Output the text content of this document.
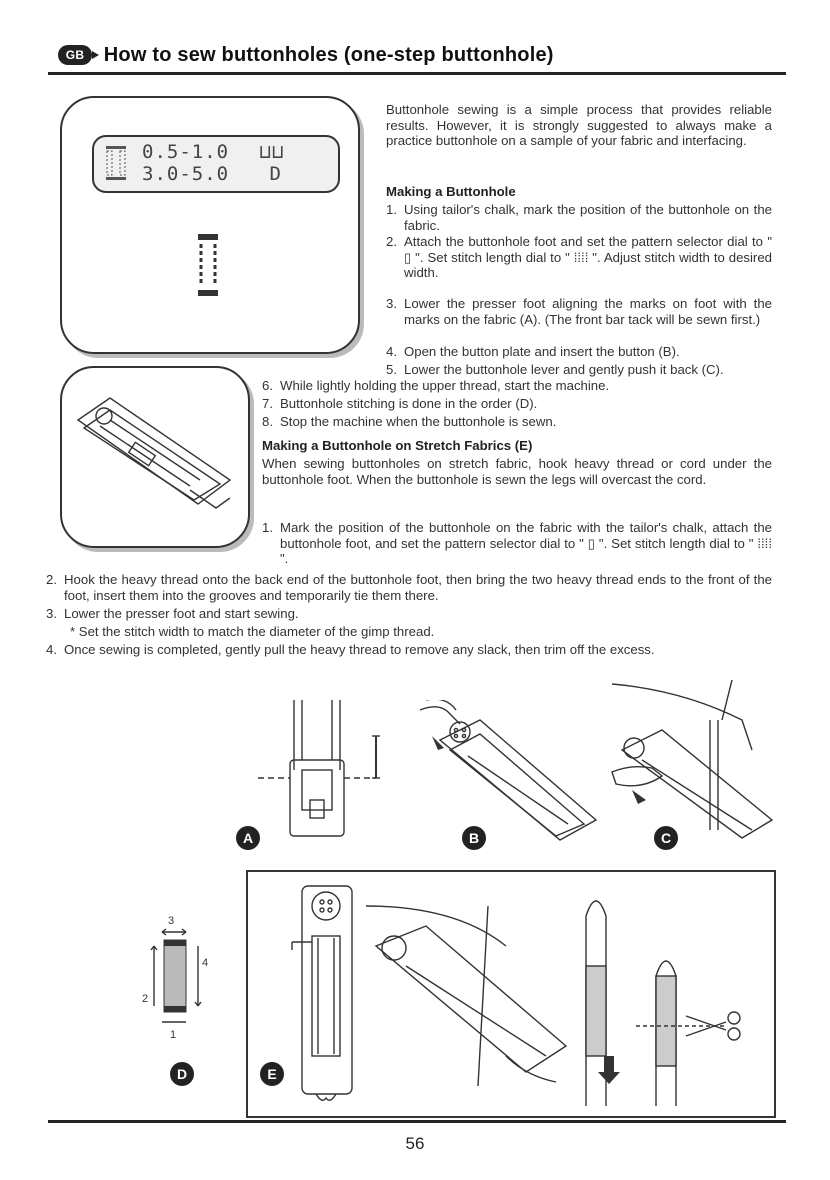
GB How to sew buttonholes (one-step buttonhole)
0.5-1.0 ⊔⊔
3.0-5.0 D
Buttonhole sewing is a simple process that provides reliable results. However, it is strongly suggested to always make a practice buttonhole on a sample of your fabric and interfacing.
Making a Buttonhole
1. Using tailor's chalk, mark the position of the buttonhole on the fabric.
2. Attach the buttonhole foot and set the pattern selector dial to " ▯ ". Set stitch length dial to " ⁞⁞⁞⁞ ". Adjust stitch width to desired width.
3. Lower the presser foot aligning the marks on foot with the marks on the fabric (A). (The front bar tack will be sewn first.)
4. Open the button plate and insert the button (B).
5. Lower the buttonhole lever and gently push it back (C).
6. While lightly holding the upper thread, start the machine.
7. Buttonhole stitching is done in the order (D).
8. Stop the machine when the buttonhole is sewn.
Making a Buttonhole on Stretch Fabrics (E)
When sewing buttonholes on stretch fabric, hook heavy thread or cord under the buttonhole foot. When the buttonhole is sewn the legs will overcast the cord.
1. Mark the position of the buttonhole on the fabric with the tailor's chalk, attach the buttonhole foot, and set the pattern selector dial to " ▯ ". Set stitch length dial to " ⁞⁞⁞⁞ ".
2. Hook the heavy thread onto the back end of the buttonhole foot, then bring the two heavy thread ends to the front of the foot, insert them into the grooves and temporarily tie them there.
3. Lower the presser foot and start sewing.
* Set the stitch width to match the diameter of the gimp thread.
4. Once sewing is completed, gently pull the heavy thread to remove any slack, then trim off the excess.
A	B	C
3
2
4
1
D	E
56
